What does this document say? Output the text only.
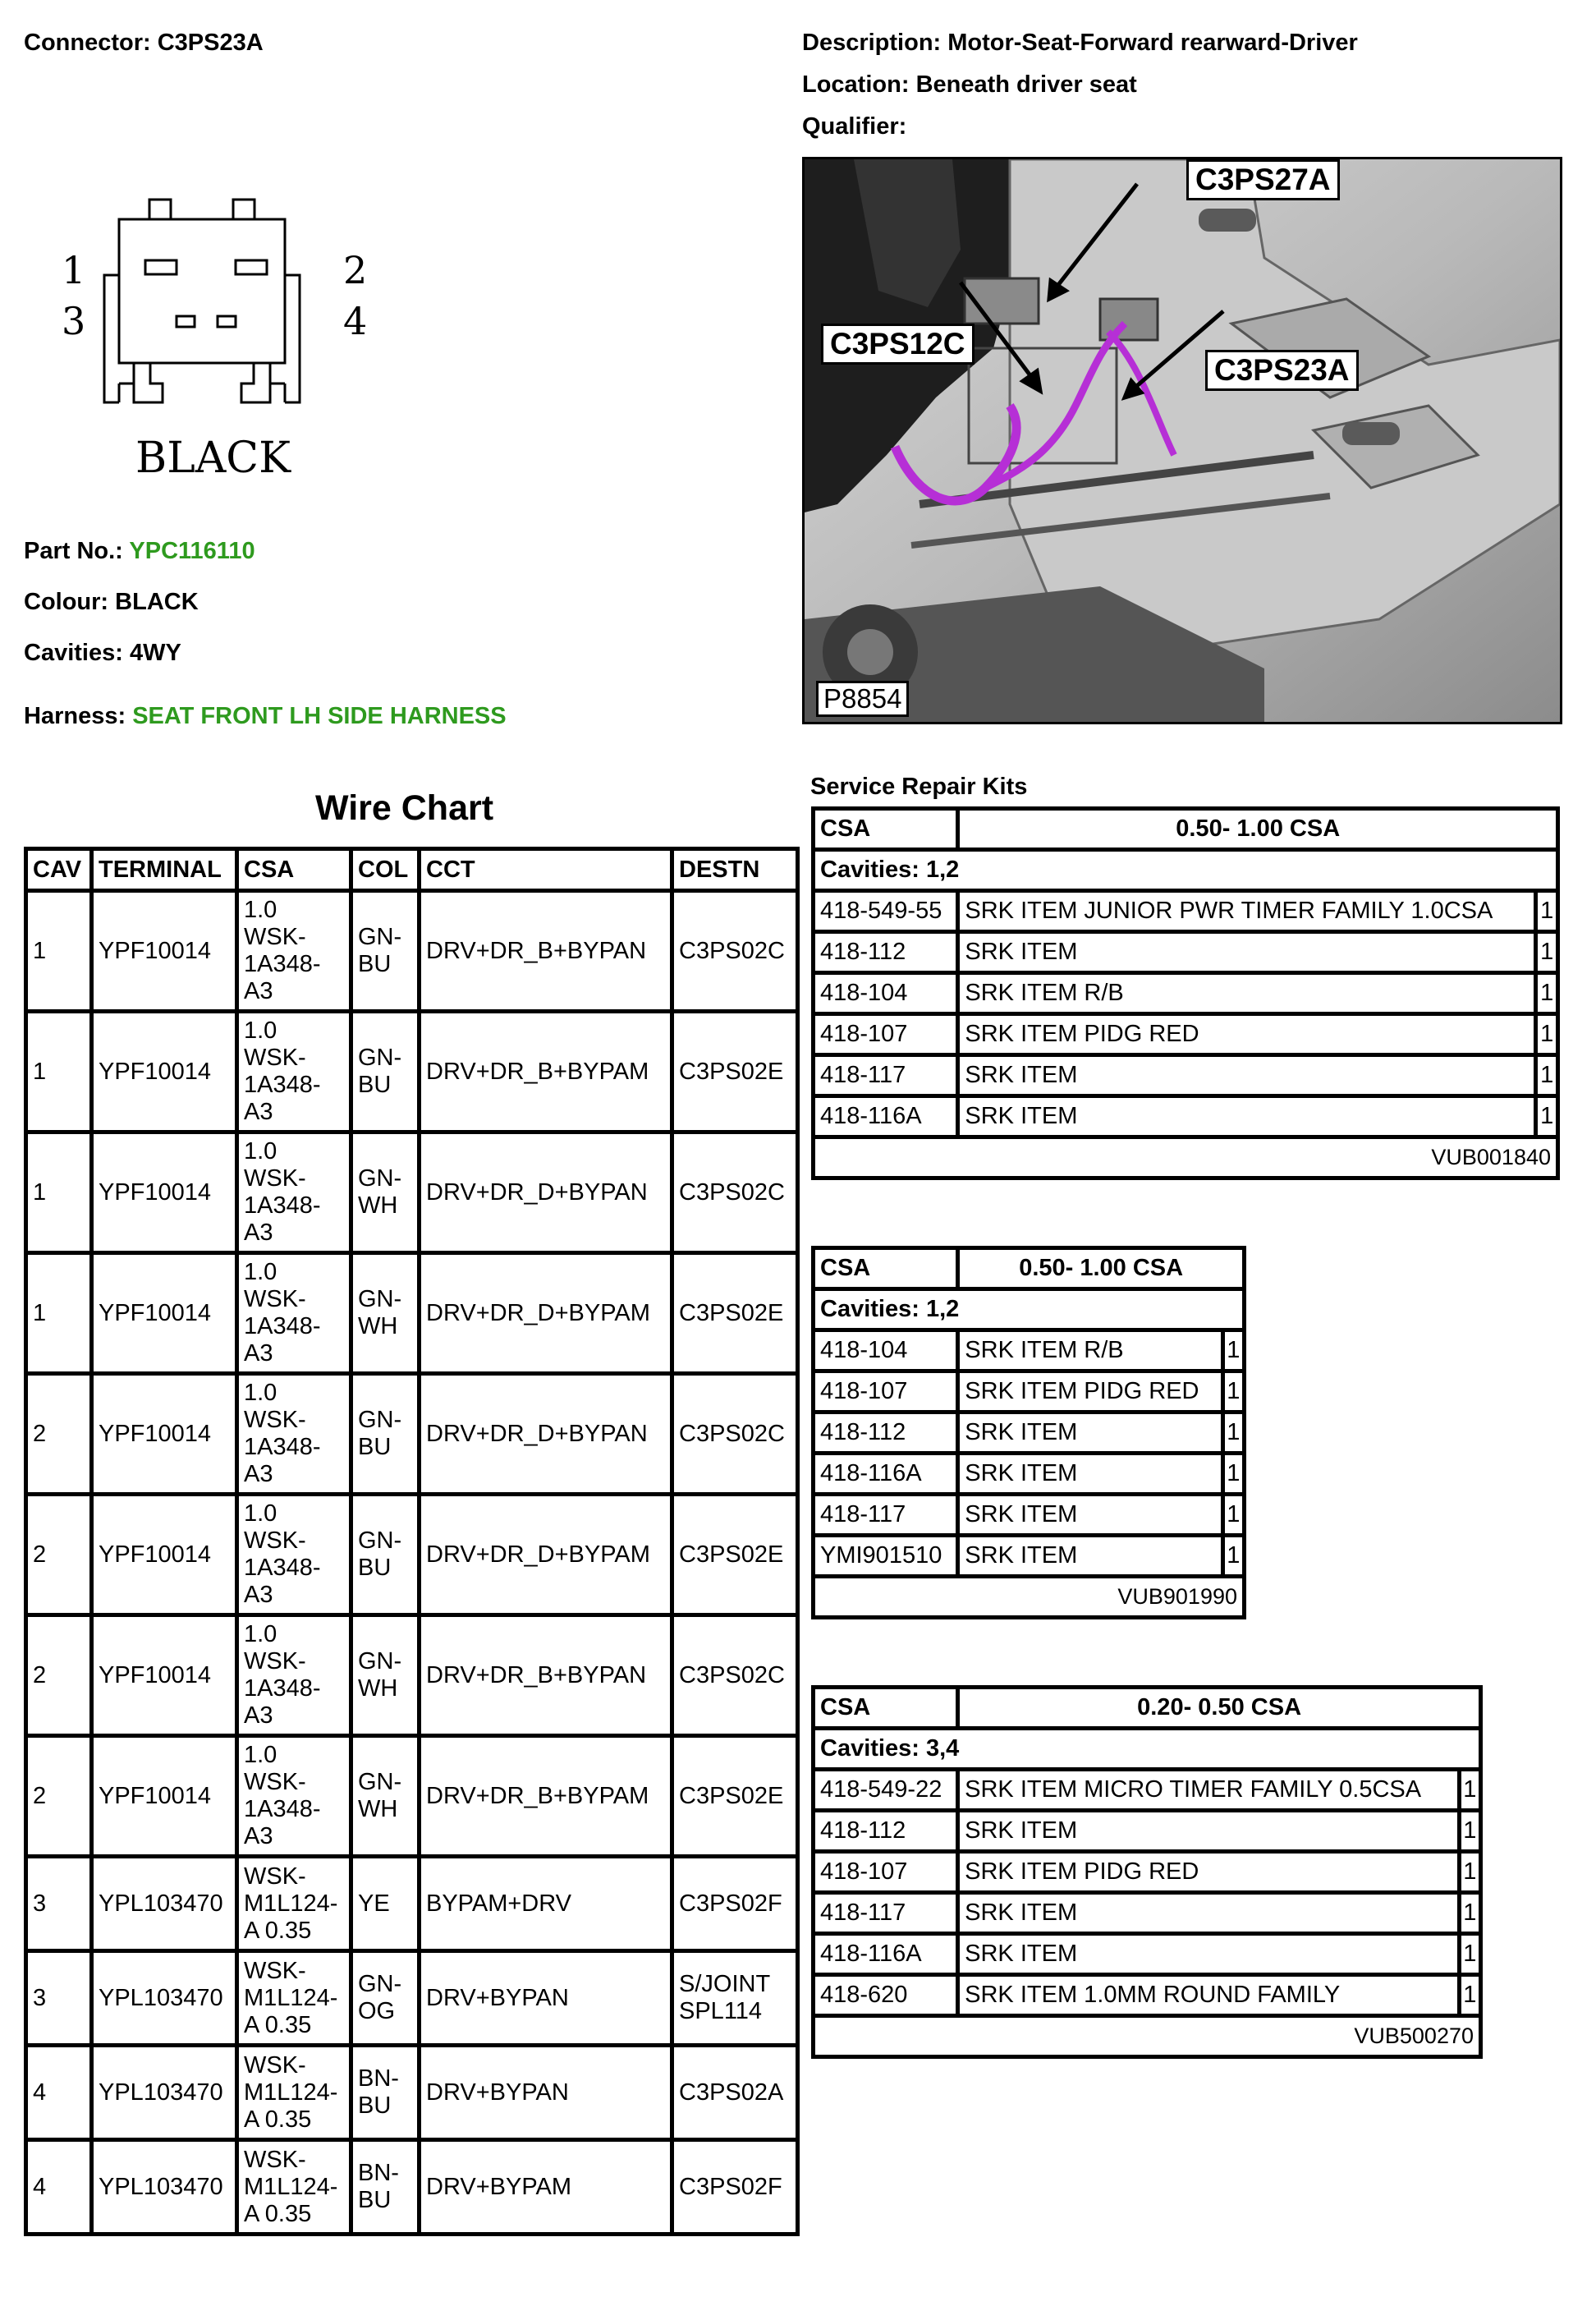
Connector: C3PS23A	Description: Motor-Seat-Forward rearward-Driver
Location: Beneath driver seat
Qualifier:
1
3
2
4
BLACK
Part No.: YPC116110
Colour: BLACK
Cavities: 4WY
Harness: SEAT FRONT LH SIDE HARNESS
C3PS27A
C3PS12C
C3PS23A
P8854
Wire Chart
CAV	TERMINAL	CSA	COL	CCT	DESTN
1	YPF10014	1.0 WSK-1A348-A3	GN-BU	DRV+DR_B+BYPAN	C3PS02C
1	YPF10014	1.0 WSK-1A348-A3	GN-BU	DRV+DR_B+BYPAM	C3PS02E
1	YPF10014	1.0 WSK-1A348-A3	GN-WH	DRV+DR_D+BYPAN	C3PS02C
1	YPF10014	1.0 WSK-1A348-A3	GN-WH	DRV+DR_D+BYPAM	C3PS02E
2	YPF10014	1.0 WSK-1A348-A3	GN-BU	DRV+DR_D+BYPAN	C3PS02C
2	YPF10014	1.0 WSK-1A348-A3	GN-BU	DRV+DR_D+BYPAM	C3PS02E
2	YPF10014	1.0 WSK-1A348-A3	GN-WH	DRV+DR_B+BYPAN	C3PS02C
2	YPF10014	1.0 WSK-1A348-A3	GN-WH	DRV+DR_B+BYPAM	C3PS02E
3	YPL103470	WSK-M1L124-A 0.35	YE	BYPAM+DRV	C3PS02F
3	YPL103470	WSK-M1L124-A 0.35	GN-OG	DRV+BYPAN	S/JOINT SPL114
4	YPL103470	WSK-M1L124-A 0.35	BN-BU	DRV+BYPAN	C3PS02A
4	YPL103470	WSK-M1L124-A 0.35	BN-BU	DRV+BYPAM	C3PS02F
Service Repair Kits
CSA	0.50- 1.00 CSA	
Cavities: 1,2		
418-549-55	SRK ITEM JUNIOR PWR TIMER FAMILY 1.0CSA	1
418-112	SRK ITEM	1
418-104	SRK ITEM R/B	1
418-107	SRK ITEM PIDG RED	1
418-117	SRK ITEM	1
418-116A	SRK ITEM	1
VUB001840		
CSA	0.50- 1.00 CSA	
Cavities: 1,2		
418-104	SRK ITEM R/B	1
418-107	SRK ITEM PIDG RED	1
418-112	SRK ITEM	1
418-116A	SRK ITEM	1
418-117	SRK ITEM	1
YMI901510	SRK ITEM	1
VUB901990		
CSA	0.20- 0.50 CSA	
Cavities: 3,4		
418-549-22	SRK ITEM MICRO TIMER FAMILY 0.5CSA	1
418-112	SRK ITEM	1
418-107	SRK ITEM PIDG RED	1
418-117	SRK ITEM	1
418-116A	SRK ITEM	1
418-620	SRK ITEM 1.0MM ROUND FAMILY	1
VUB500270		
